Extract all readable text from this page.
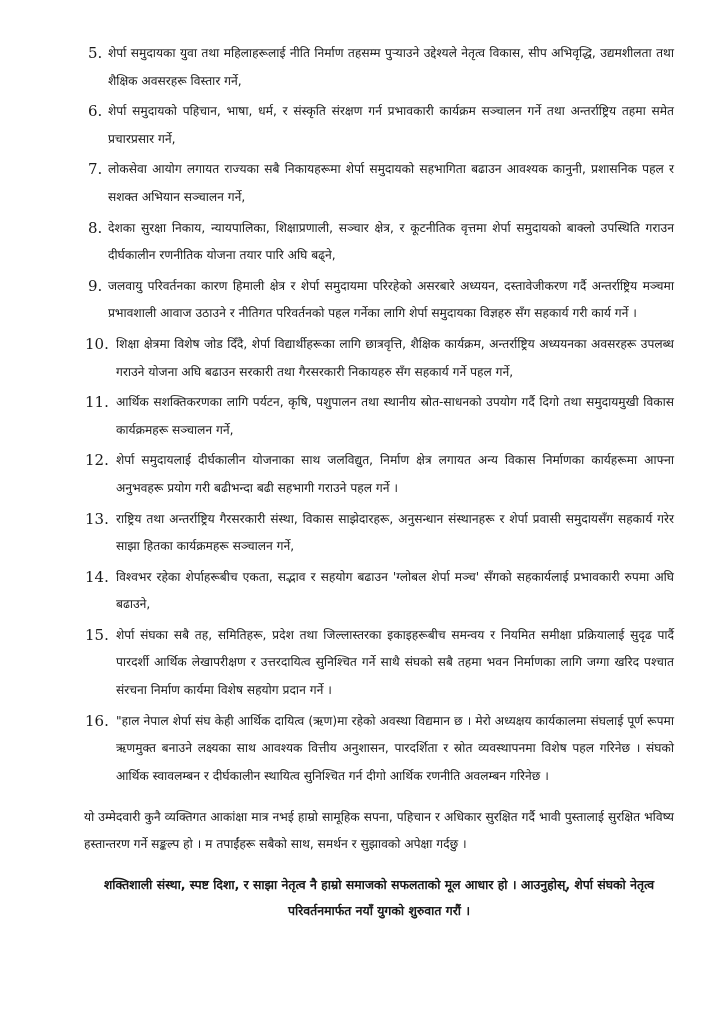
5. शेर्पा समुदायका युवा तथा महिलाहरूलाई नीति निर्माण तहसम्म पुऱ्याउने उद्देश्यले नेतृत्व विकास, सीप अभिवृद्धि, उद्यमशीलता तथा शैक्षिक अवसरहरू विस्तार गर्ने,
6. शेर्पा समुदायको पहिचान, भाषा, धर्म, र संस्कृति संरक्षण गर्न प्रभावकारी कार्यक्रम सञ्चालन गर्ने तथा अन्तर्राष्ट्रिय तहमा समेत प्रचारप्रसार गर्ने,
7. लोकसेवा आयोग लगायत राज्यका सबै निकायहरूमा शेर्पा समुदायको सहभागिता बढाउन आवश्यक कानुनी, प्रशासनिक पहल र सशक्त अभियान सञ्चालन गर्ने,
8. देशका सुरक्षा निकाय, न्यायपालिका, शिक्षाप्रणाली, सञ्चार क्षेत्र, र कूटनीतिक वृत्तमा शेर्पा समुदायको बाक्लो उपस्थिति गराउन दीर्घकालीन रणनीतिक योजना तयार पारि अघि बढ्ने,
9. जलवायु परिवर्तनका कारण हिमाली क्षेत्र र शेर्पा समुदायमा परिरहेको असरबारे अध्ययन, दस्तावेजीकरण गर्दै अन्तर्राष्ट्रिय मञ्चमा प्रभावशाली आवाज उठाउने र नीतिगत परिवर्तनको पहल गर्नेका लागि शेर्पा समुदायका विज्ञहरु सँग सहकार्य गरी कार्य गर्ने ।
10. शिक्षा क्षेत्रमा विशेष जोड दिँदै, शेर्पा विद्यार्थीहरूका लागि छात्रवृत्ति, शैक्षिक कार्यक्रम, अन्तर्राष्ट्रिय अध्ययनका अवसरहरू उपलब्ध गराउने योजना अघि बढाउन सरकारी तथा गैरसरकारी निकायहरु सँग सहकार्य गर्ने पहल गर्ने,
11. आर्थिक सशक्तिकरणका लागि पर्यटन, कृषि, पशुपालन तथा स्थानीय स्रोत-साधनको उपयोग गर्दै दिगो तथा समुदायमुखी विकास कार्यक्रमहरू सञ्चालन गर्ने,
12. शेर्पा समुदायलाई दीर्घकालीन योजनाका साथ जलविद्युत, निर्माण क्षेत्र लगायत अन्य विकास निर्माणका कार्यहरूमा आफ्ना अनुभवहरू प्रयोग गरी बढीभन्दा बढी सहभागी गराउने पहल गर्ने ।
13. राष्ट्रिय तथा अन्तर्राष्ट्रिय गैरसरकारी संस्था, विकास साझेदारहरू, अनुसन्धान संस्थानहरू र शेर्पा प्रवासी समुदायसँग सहकार्य गरेर साझा हितका कार्यक्रमहरू सञ्चालन गर्ने,
14. विश्वभर रहेका शेर्पाहरूबीच एकता, सद्भाव र सहयोग बढाउन 'ग्लोबल शेर्पा मञ्च' सँगको सहकार्यलाई प्रभावकारी रुपमा अघि बढाउने,
15. शेर्पा संघका सबै तह, समितिहरू, प्रदेश तथा जिल्लास्तरका इकाइहरूबीच समन्वय र नियमित समीक्षा प्रक्रियालाई सुदृढ पार्दै पारदर्शी आर्थिक लेखापरीक्षण र उत्तरदायित्व सुनिश्चित गर्ने साथै संघको सबै तहमा भवन निर्माणका लागि जग्गा खरिद पश्चात संरचना निर्माण कार्यमा विशेष सहयोग प्रदान गर्ने ।
16. "हाल नेपाल शेर्पा संघ केही आर्थिक दायित्व (ऋण)मा रहेको अवस्था विद्यमान छ । मेरो अध्यक्षय कार्यकालमा संघलाई पूर्ण रूपमा ऋणमुक्त बनाउने लक्ष्यका साथ आवश्यक वित्तीय अनुशासन, पारदर्शिता र स्रोत व्यवस्थापनमा विशेष पहल गरिनेछ । संघको आर्थिक स्वावलम्बन र दीर्घकालीन स्थायित्व सुनिश्चित गर्न दीगो आर्थिक रणनीति अवलम्बन गरिनेछ ।

यो उम्मेदवारी कुनै व्यक्तिगत आकांक्षा मात्र नभई हाम्रो सामूहिक सपना, पहिचान र अधिकार सुरक्षित गर्दै भावी पुस्तालाई सुरक्षित भविष्य हस्तान्तरण गर्ने सङ्कल्प हो । म तपाईंहरू सबैको साथ, समर्थन र सुझावको अपेक्षा गर्दछु ।

शक्तिशाली संस्था, स्पष्ट दिशा, र साझा नेतृत्व नै हाम्रो समाजको सफलताको मूल आधार हो । आउनुहोस्, शेर्पा संघको नेतृत्व परिवर्तनमार्फत नयाँ युगको शुरुवात गरौं ।
